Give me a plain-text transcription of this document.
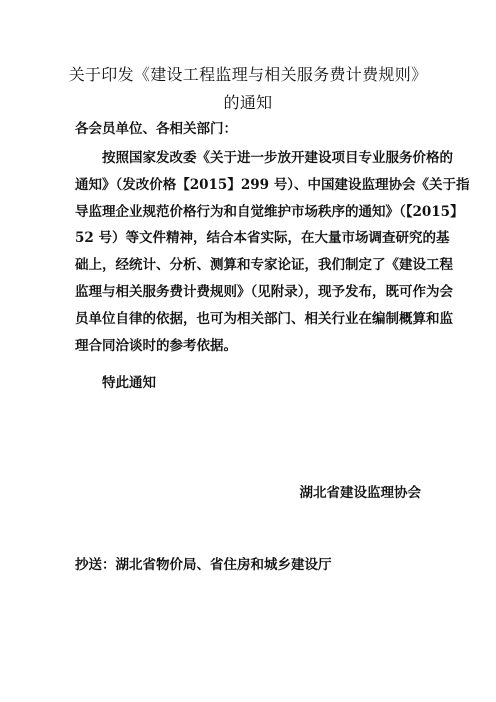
关于印发《建设工程监理与相关服务费计费规则》
的通知
各会员单位、各相关部门：
按照国家发改委《关于进一步放开建设项目专业服务价格的
通知》（发改价格【2015】299 号）、中国建设监理协会《关于指
导监理企业规范价格行为和自觉维护市场秩序的通知》（【2015】
52 号）等文件精神，结合本省实际，在大量市场调查研究的基
础上，经统计、分析、测算和专家论证，我们制定了《建设工程
监理与相关服务费计费规则》（见附录），现予发布，既可作为会
员单位自律的依据，也可为相关部门、相关行业在编制概算和监
理合同洽谈时的参考依据。
特此通知
湖北省建设监理协会
抄送：湖北省物价局、省住房和城乡建设厅
